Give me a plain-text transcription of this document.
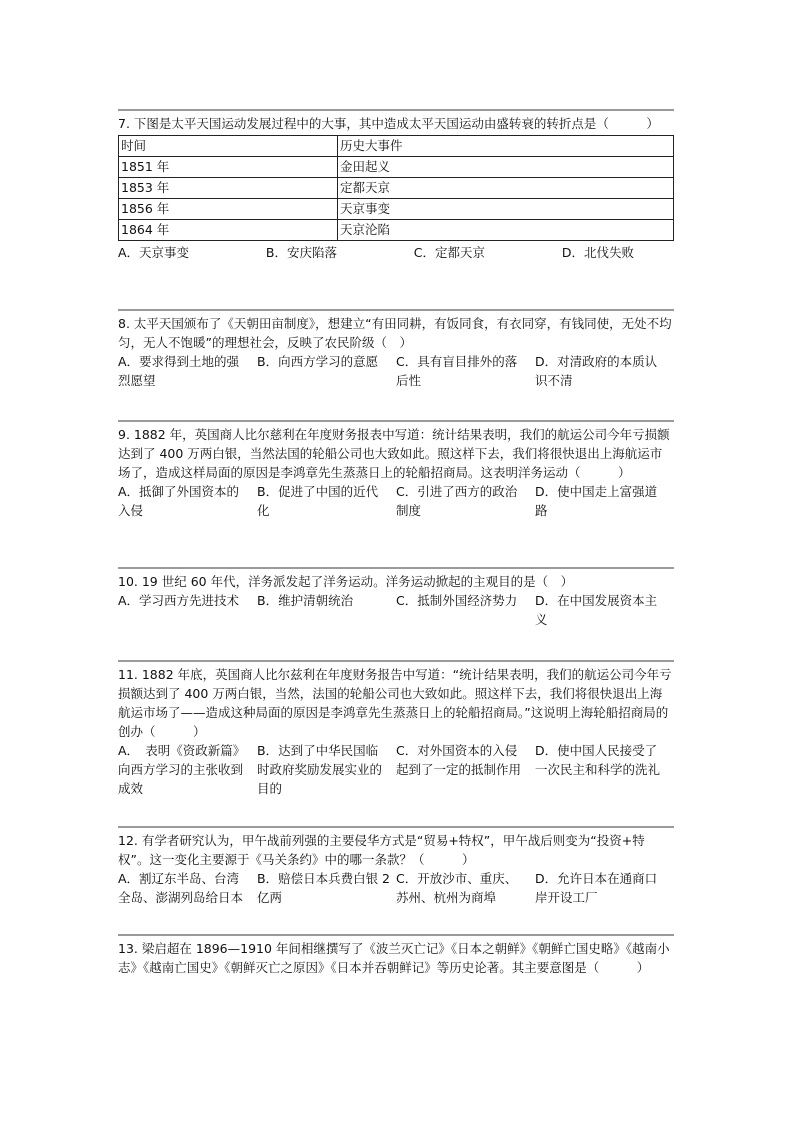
7. 下图是太平天国运动发展过程中的大事，其中造成太平天国运动由盛转衰的转折点是（　　　）

时间	历史大事件
1851 年	金田起义
1853 年	定都天京
1856 年	天京事变
1864 年	天京沦陷
A．天京事变	B．安庆陷落	C．定都天京	D．北伐失败

8. 太平天国颁布了《天朝田亩制度》，想建立“有田同耕，有饭同食，有衣同穿，有钱同使，无处不均匀，无人不饱暖”的理想社会，反映了农民阶级（　）

A．要求得到土地的强烈愿望
B．向西方学习的意愿	C．具有盲目排外的落后性
D．对清政府的本质认识不清

9. 1882 年，英国商人比尔慈利在年度财务报表中写道：统计结果表明，我们的航运公司今年亏损额达到了 400 万两白银，当然法国的轮船公司也大致如此。照这样下去，我们将很快退出上海航运市场了，造成这样局面的原因是李鸿章先生蒸蒸日上的轮船招商局。这表明洋务运动（　　　）

A．抵御了外国资本的入侵
B．促进了中国的近代化
C．引进了西方的政治制度
D．使中国走上富强道路

10. 19 世纪 60 年代，洋务派发起了洋务运动。洋务运动掀起的主观目的是（　）

A．学习西方先进技术	B．维护清朝统治	C．抵制外国经济势力	D．在中国发展资本主义

11. 1882 年底，英国商人比尔兹利在年度财务报告中写道：“统计结果表明，我们的航运公司今年亏损额达到了 400 万两白银，当然，法国的轮船公司也大致如此。照这样下去，我们将很快退出上海航运市场了——造成这种局面的原因是李鸿章先生蒸蒸日上的轮船招商局。”这说明上海轮船招商局的创办（　　　）

A．　表明《资政新篇》向西方学习的主张收到成效
B．达到了中华民国临时政府奖励发展实业的目的
C．对外国资本的入侵起到了一定的抵制作用
D．使中国人民接受了一次民主和科学的洗礼

12. 有学者研究认为，甲午战前列强的主要侵华方式是“贸易+特权”，甲午战后则变为“投资+特权”。这一变化主要源于《马关条约》中的哪一条款？（　　　）

A．割辽东半岛、台湾全岛、澎湖列岛给日本
B．赔偿日本兵费白银 2 亿两
C．开放沙市、重庆、苏州、杭州为商埠
D．允许日本在通商口岸开设工厂

13. 梁启超在 1896—1910 年间相继撰写了《波兰灭亡记》《日本之朝鲜》《朝鲜亡国史略》《越南小志》《越南亡国史》《朝鲜灭亡之原因》《日本并吞朝鲜记》等历史论著。其主要意图是（　　　）
